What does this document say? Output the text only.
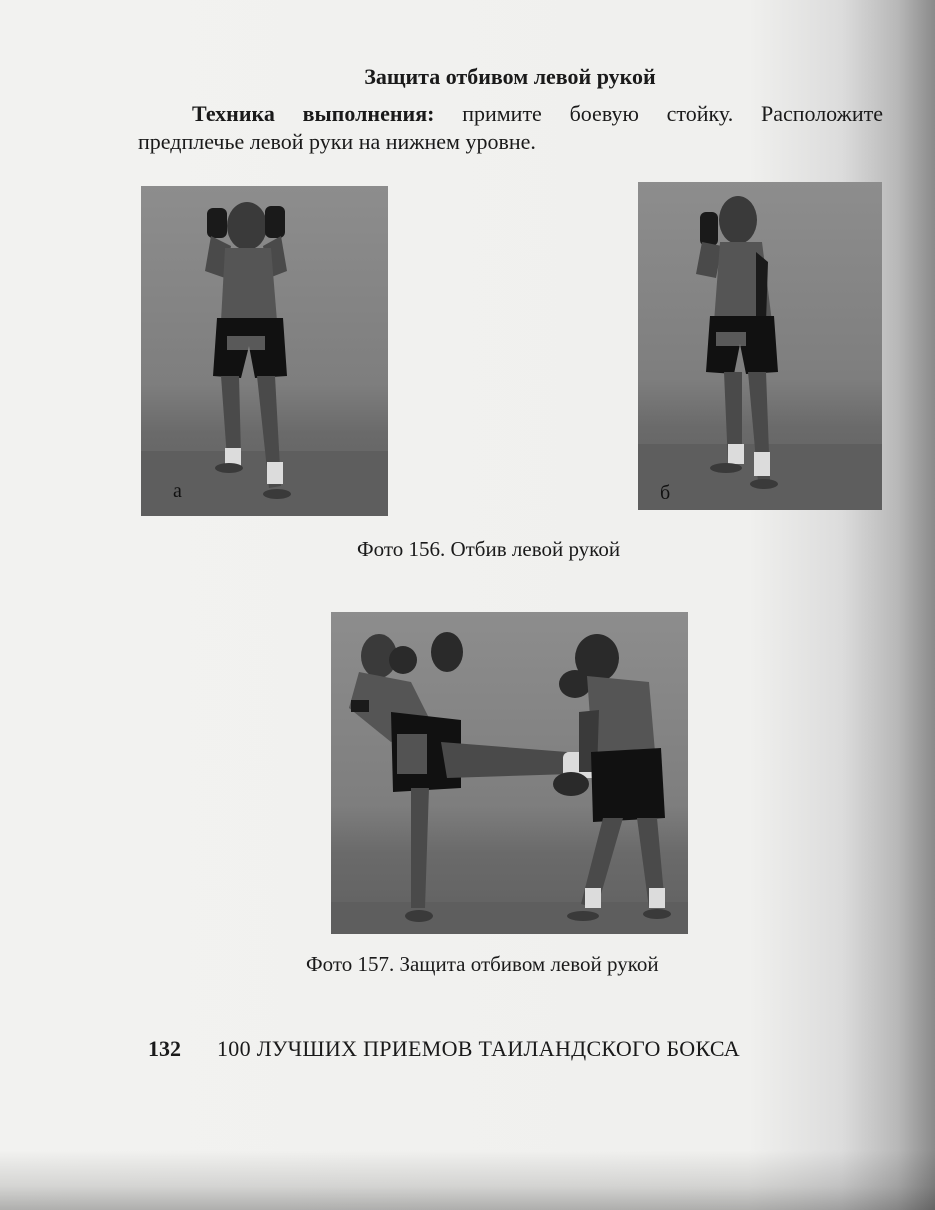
Защита отбивом левой рукой
Техника выполнения: примите боевую стойку. Расположите предплечье левой руки на нижнем уровне.
а	б
Фото 156. Отбив левой рукой
Фото 157. Защита отбивом левой рукой
132 100 ЛУЧШИХ ПРИЕМОВ ТАИЛАНДСКОГО БОКСА
